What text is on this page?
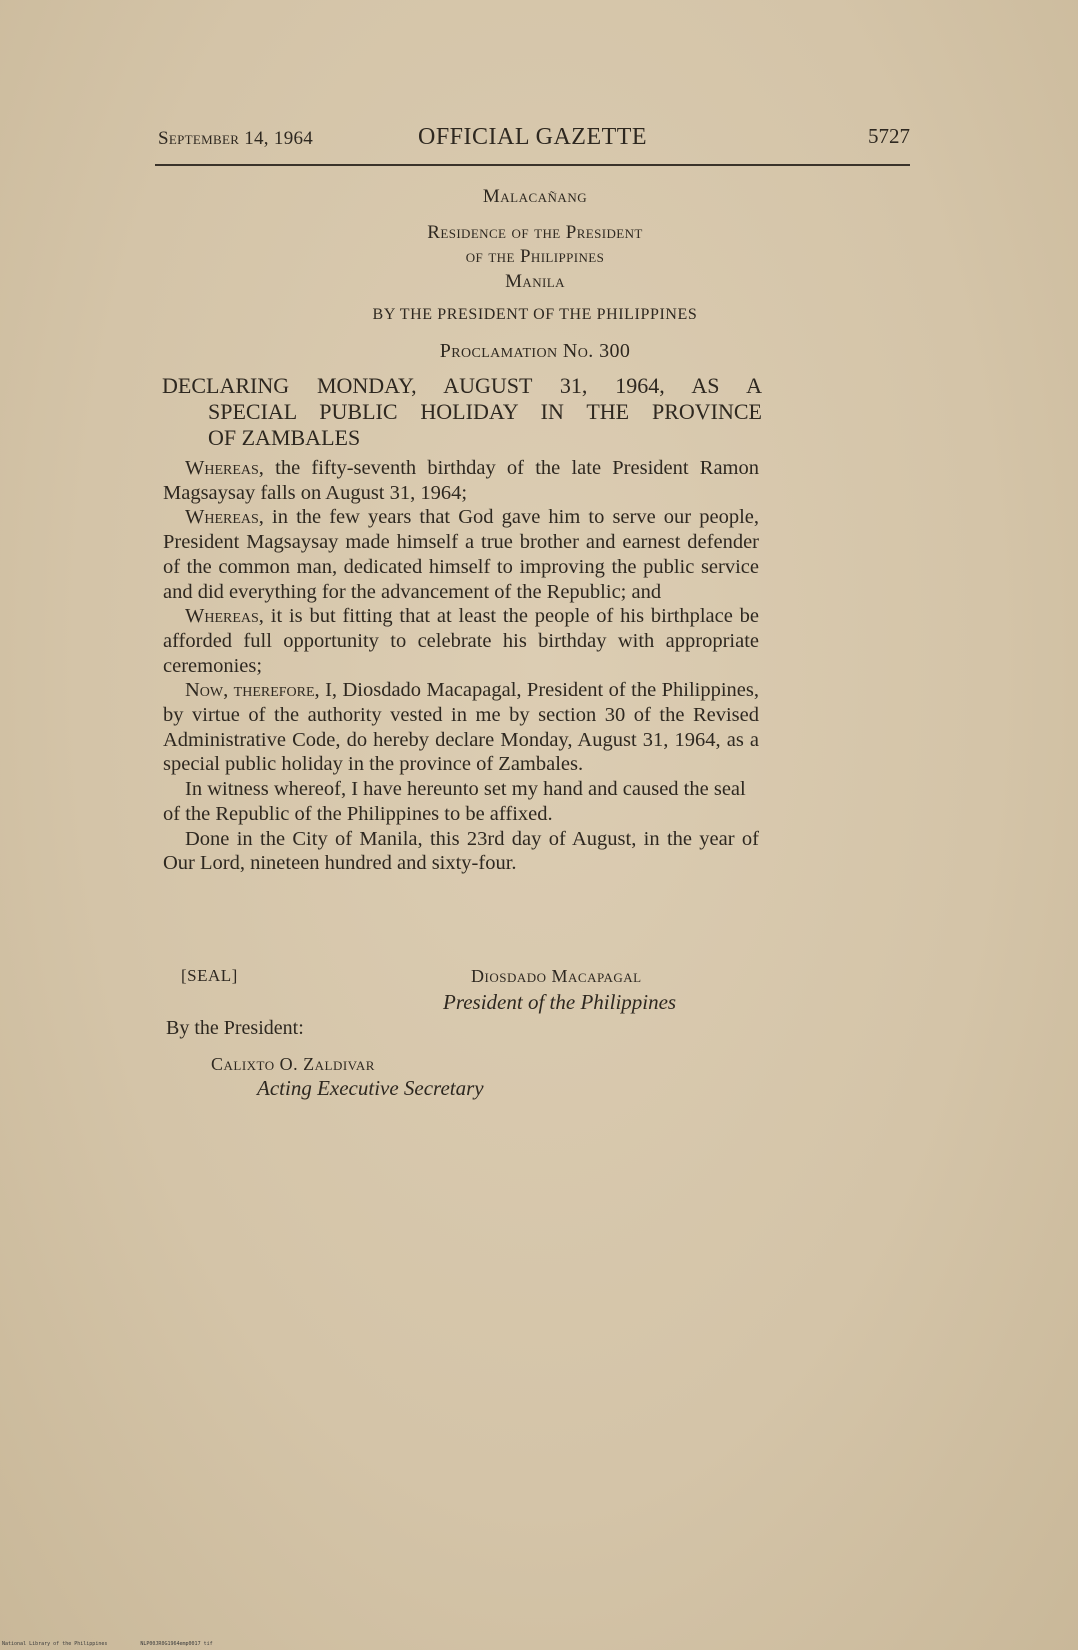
September 14, 1964	OFFICIAL GAZETTE	5727
Malacañang
Residence of the President
of the Philippines
Manila
BY THE PRESIDENT OF THE PHILIPPINES
Proclamation No. 300
DECLARING MONDAY, AUGUST 31, 1964, AS A
SPECIAL PUBLIC HOLIDAY IN THE PROVINCE
OF ZAMBALES

Whereas, the fifty-seventh birthday of the late President Ramon Magsaysay falls on August 31, 1964;

Whereas, in the few years that God gave him to serve our people, President Magsaysay made himself a true brother and earnest defender of the common man, dedicated himself to improving the public service and did everything for the advancement of the Republic; and

Whereas, it is but fitting that at least the people of his birthplace be afforded full opportunity to celebrate his birthday with appropriate ceremonies;

Now, therefore, I, Diosdado Macapagal, President of the Philippines, by virtue of the authority vested in me by section 30 of the Revised Administrative Code, do hereby declare Monday, August 31, 1964, as a special public holiday in the province of Zambales.

In witness whereof, I have hereunto set my hand and caused the seal of the Republic of the Philippines to be affixed.

Done in the City of Manila, this 23rd day of August, in the year of Our Lord, nineteen hundred and sixty-four.

[SEAL]	Diosdado Macapagal
President of the Philippines
By the President:
Calixto O. Zaldivar
Acting Executive Secretary
National Library of the Philippines	NLP00JR0G1964emp0017 tif
